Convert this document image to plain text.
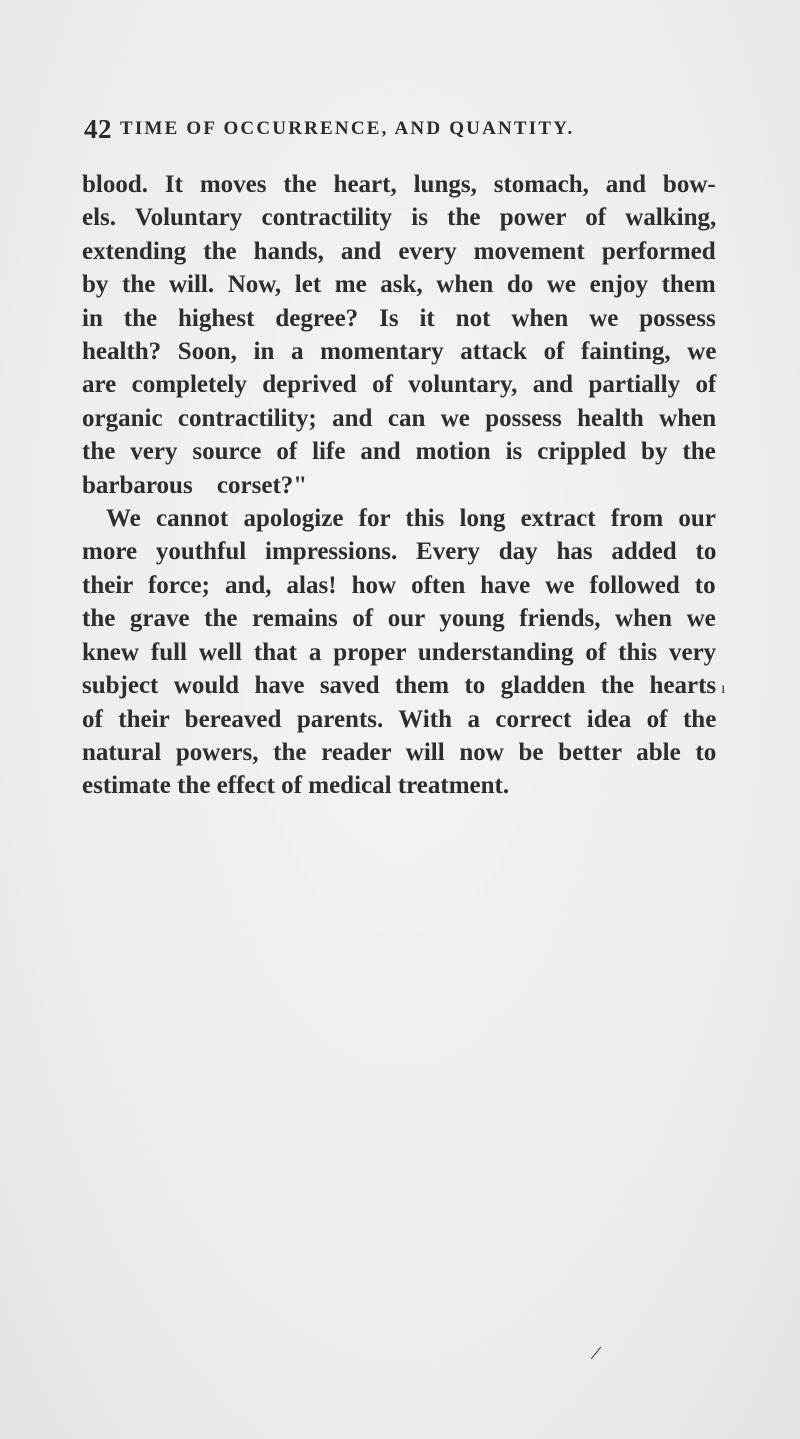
42 TIME OF OCCURRENCE, AND QUANTITY.
blood. It moves the heart, lungs, stomach, and bow-
els. Voluntary contractility is the power of walking,
extending the hands, and every movement performed
by the will. Now, let me ask, when do we enjoy them
in the highest degree? Is it not when we possess
health? Soon, in a momentary attack of fainting, we
are completely deprived of voluntary, and partially of
organic contractility; and can we possess health when
the very source of life and motion is crippled by the
barbarous corset?"
We cannot apologize for this long extract from our
more youthful impressions. Every day has added to
their force; and, alas! how often have we followed to
the grave the remains of our young friends, when we
knew full well that a proper understanding of this very
subject would have saved them to gladden the hearts
of their bereaved parents. With a correct idea of the
natural powers, the reader will now be better able to
estimate the effect of medical treatment.
ı
/
